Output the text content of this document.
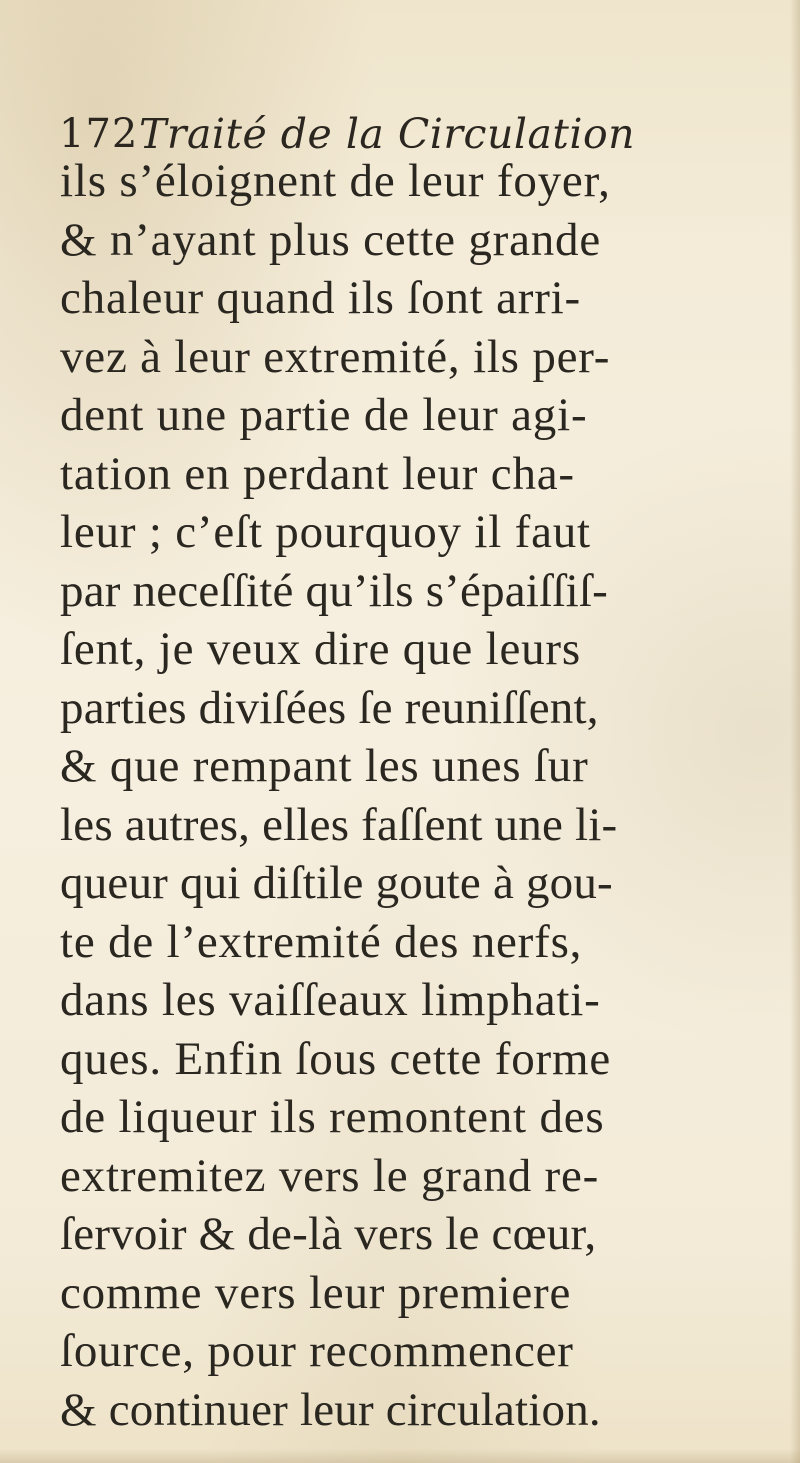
172 Traité de la Circulation
ils s’éloignent de leur foyer,
& n’ayant plus cette grande
chaleur quand ils ſont arri-
vez à leur extremité, ils per-
dent une partie de leur agi-
tation en perdant leur cha-
leur ; c’eſt pourquoy il faut
par neceſſité qu’ils s’épaiſſiſ-
ſent, je veux dire que leurs
parties diviſées ſe reuniſſent,
& que rempant les unes ſur
les autres, elles faſſent une li-
queur qui diſtile goute à gou-
te de l’extremité des nerfs,
dans les vaiſſeaux limphati-
ques. Enfin ſous cette forme
de liqueur ils remontent des
extremitez vers le grand re-
ſervoir & de-là vers le cœur,
comme vers leur premiere
ſource, pour recommencer
& continuer leur circulation.
